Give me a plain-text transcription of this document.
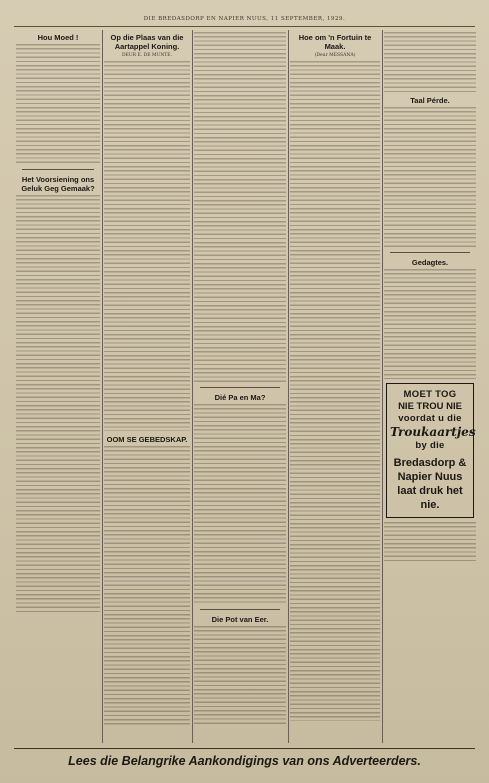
DIE BREDASDORP EN NAPIER NUUS, 11 SEPTEMBER, 1929.
Hou Moed !
Het Voorsiening ons Geluk Geg Gemaak?
Op die Plaas van die Aartappel Koning.
DEUR E. DE MUNTE.
OOM SE GEBEDSKAP.
Dié Pa en Ma?
Die Pot van Eer.
Hoe om 'n Fortuin te Maak.
(Deur MESSANA)
Taal Pérde.
Gedagtes.
MOET TOG
NIE TROU NIE
voordat u die
Troukaartjes
by die
Bredasdorp &
Napier Nuus
laat druk het
nie.
Lees die Belangrike Aankondigings van ons Adverteerders.
